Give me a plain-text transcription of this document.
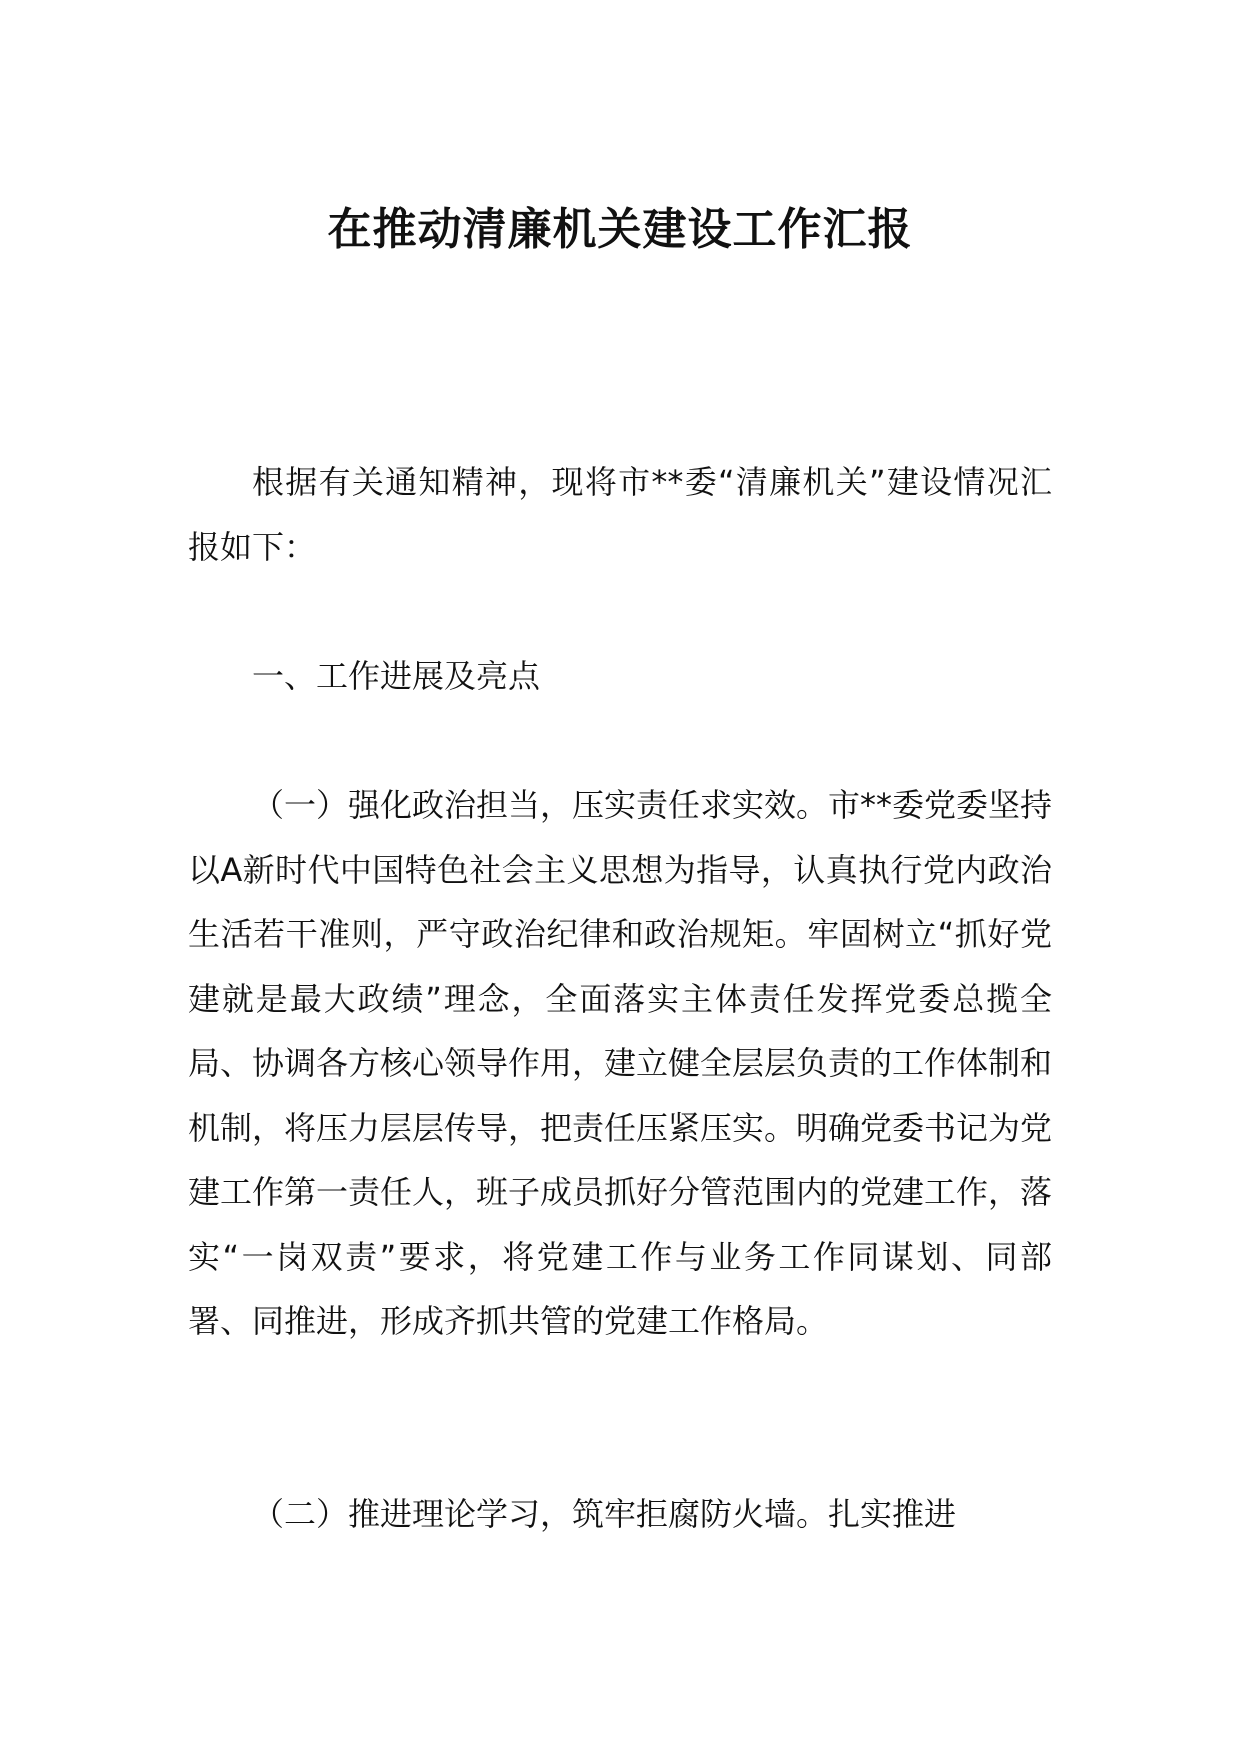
在推动清廉机关建设工作汇报

根据有关通知精神，现将市**委“清廉机关”建设情况汇报如下：

一、工作进展及亮点

（一）强化政治担当，压实责任求实效。市**委党委坚持以A新时代中国特色社会主义思想为指导，认真执行党内政治生活若干准则，严守政治纪律和政治规矩。牢固树立“抓好党建就是最大政绩”理念，全面落实主体责任发挥党委总揽全局、协调各方核心领导作用，建立健全层层负责的工作体制和机制，将压力层层传导，把责任压紧压实。明确党委书记为党建工作第一责任人，班子成员抓好分管范围内的党建工作，落实“一岗双责”要求，将党建工作与业务工作同谋划、同部署、同推进，形成齐抓共管的党建工作格局。

（二）推进理论学习，筑牢拒腐防火墙。扎实推进
